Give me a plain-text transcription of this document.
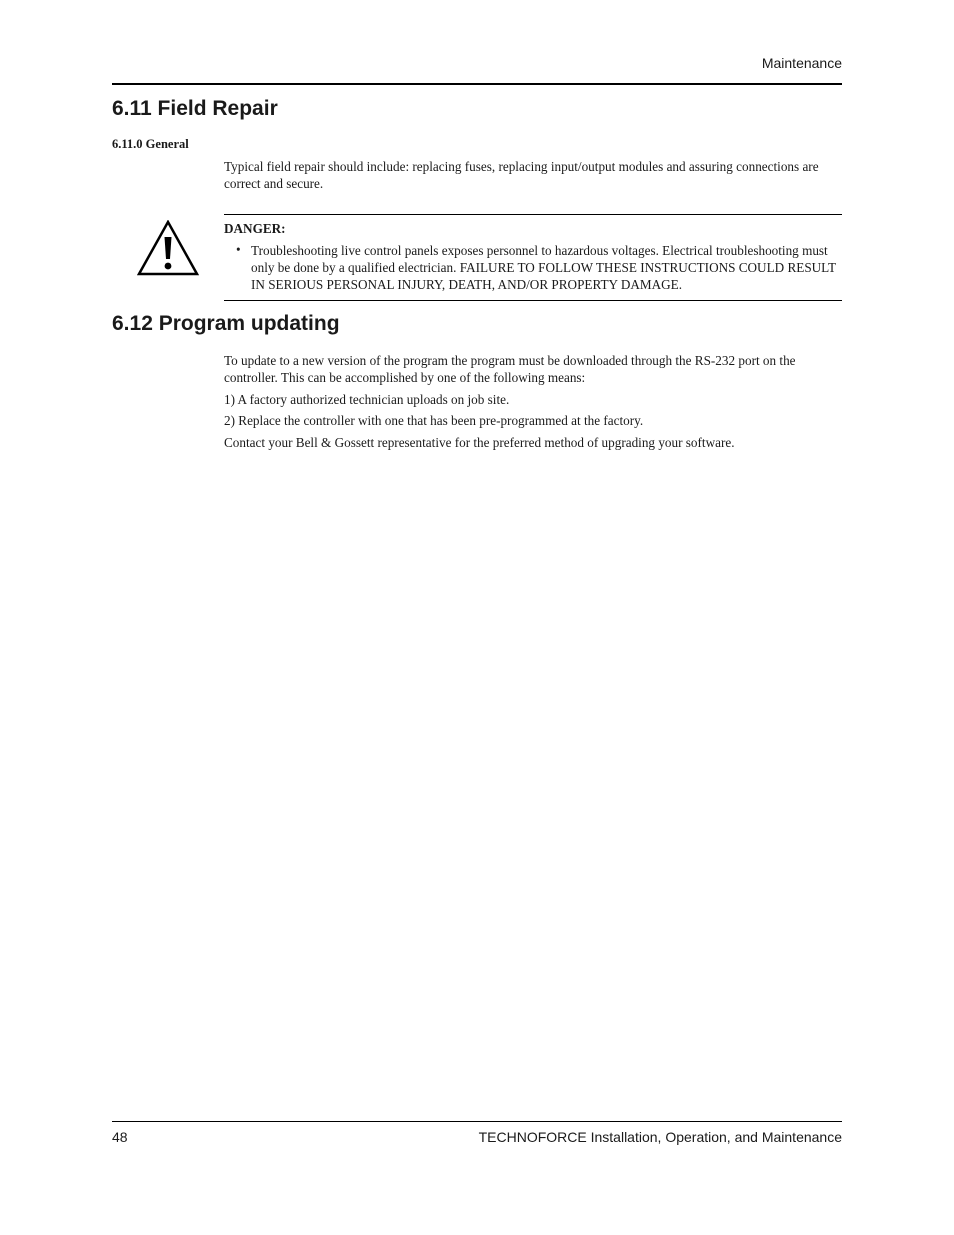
Maintenance
6.11 Field Repair
6.11.0 General
Typical field repair should include: replacing fuses, replacing input/output modules and assuring connections are correct and secure.
DANGER:
• Troubleshooting live control panels exposes personnel to hazardous voltages. Electrical troubleshooting must only be done by a qualified electrician. FAILURE TO FOLLOW THESE INSTRUCTIONS COULD RESULT IN SERIOUS PERSONAL INJURY, DEATH, AND/OR PROPERTY DAMAGE.
6.12 Program updating
To update to a new version of the program the program must be downloaded through the RS-232 port on the controller. This can be accomplished by one of the following means:
1) A factory authorized technician uploads on job site.
2) Replace the controller with one that has been pre-programmed at the factory.
Contact your Bell & Gossett representative for the preferred method of upgrading your software.
48	TECHNOFORCE Installation, Operation, and Maintenance
